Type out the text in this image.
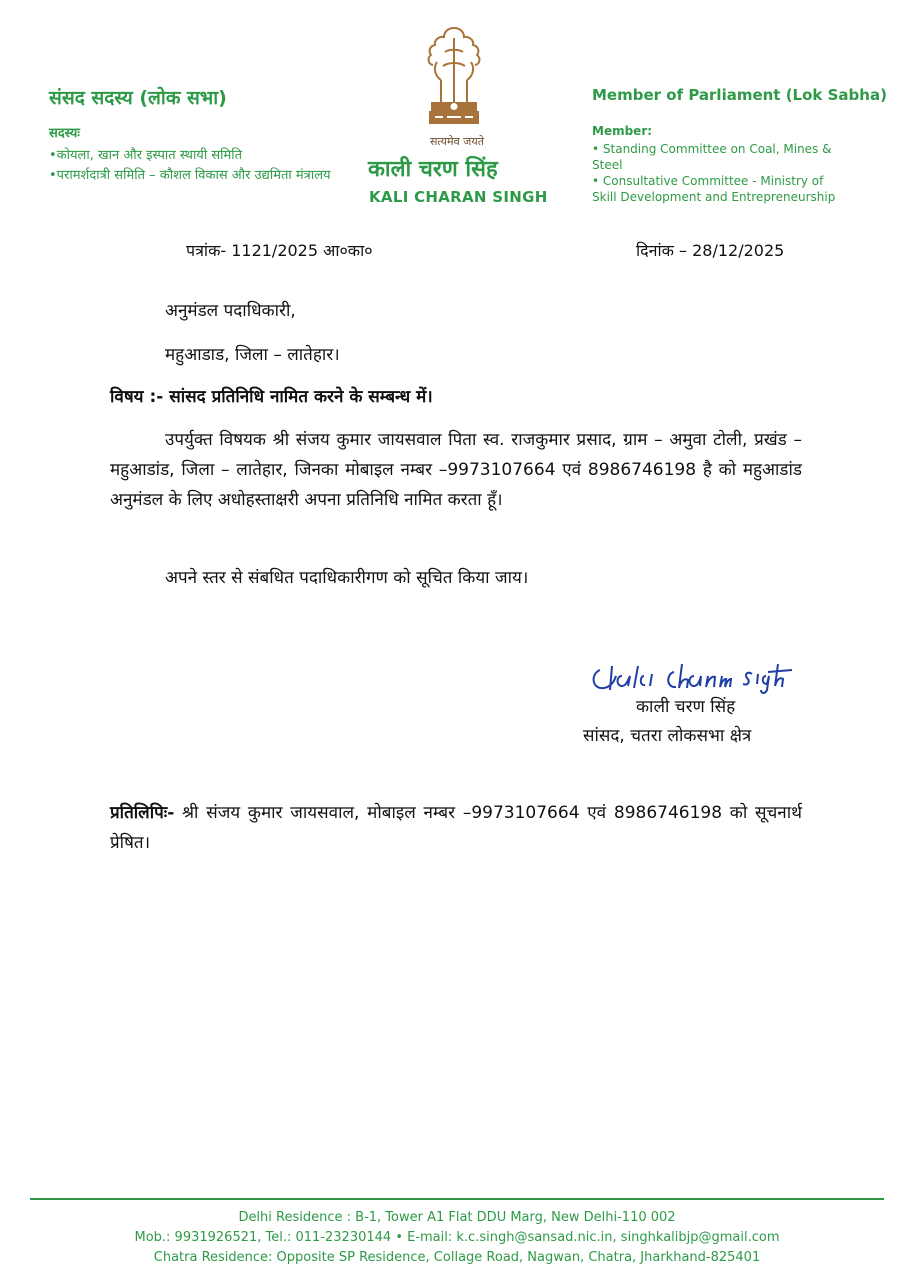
संसद सदस्य (लोक सभा)
सदस्यः
•कोयला, खान और इस्पात स्थायी समिति
•परामर्शदात्री समिति – कौशल विकास और उद्यमिता मंत्रालय
सत्यमेव जयते
काली चरण सिंह
KALI CHARAN SINGH
Member of Parliament (Lok Sabha)
Member:
• Standing Committee on Coal, Mines & Steel
• Consultative Committee - Ministry of Skill Development and Entrepreneurship
पत्रांक- 1121/2025 आ०का०	दिनांक – 28/12/2025
अनुमंडल पदाधिकारी,
महुआडाड, जिला – लातेहार।
विषय :- सांसद प्रतिनिधि नामित करने के सम्बन्ध में।
उपर्युक्त विषयक श्री संजय कुमार जायसवाल पिता स्व. राजकुमार प्रसाद, ग्राम – अमुवा टोली, प्रखंड – महुआडांड, जिला – लातेहार, जिनका मोबाइल नम्बर –9973107664 एवं 8986746198 है को महुआडांड अनुमंडल के लिए अधोहस्ताक्षरी अपना प्रतिनिधि नामित करता हूँ।
अपने स्तर से संबधित पदाधिकारीगण को सूचित किया जाय।
Kali Charan Singh
काली चरण सिंह
सांसद, चतरा लोकसभा क्षेत्र
प्रतिलिपिः- श्री संजय कुमार जायसवाल, मोबाइल नम्बर –9973107664 एवं 8986746198 को सूचनार्थ प्रेषित।
Delhi Residence : B-1, Tower A1 Flat DDU Marg, New Delhi-110 002
Mob.: 9931926521, Tel.: 011-23230144 • E-mail: k.c.singh@sansad.nic.in, singhkalibjp@gmail.com
Chatra Residence: Opposite SP Residence, Collage Road, Nagwan, Chatra, Jharkhand-825401
